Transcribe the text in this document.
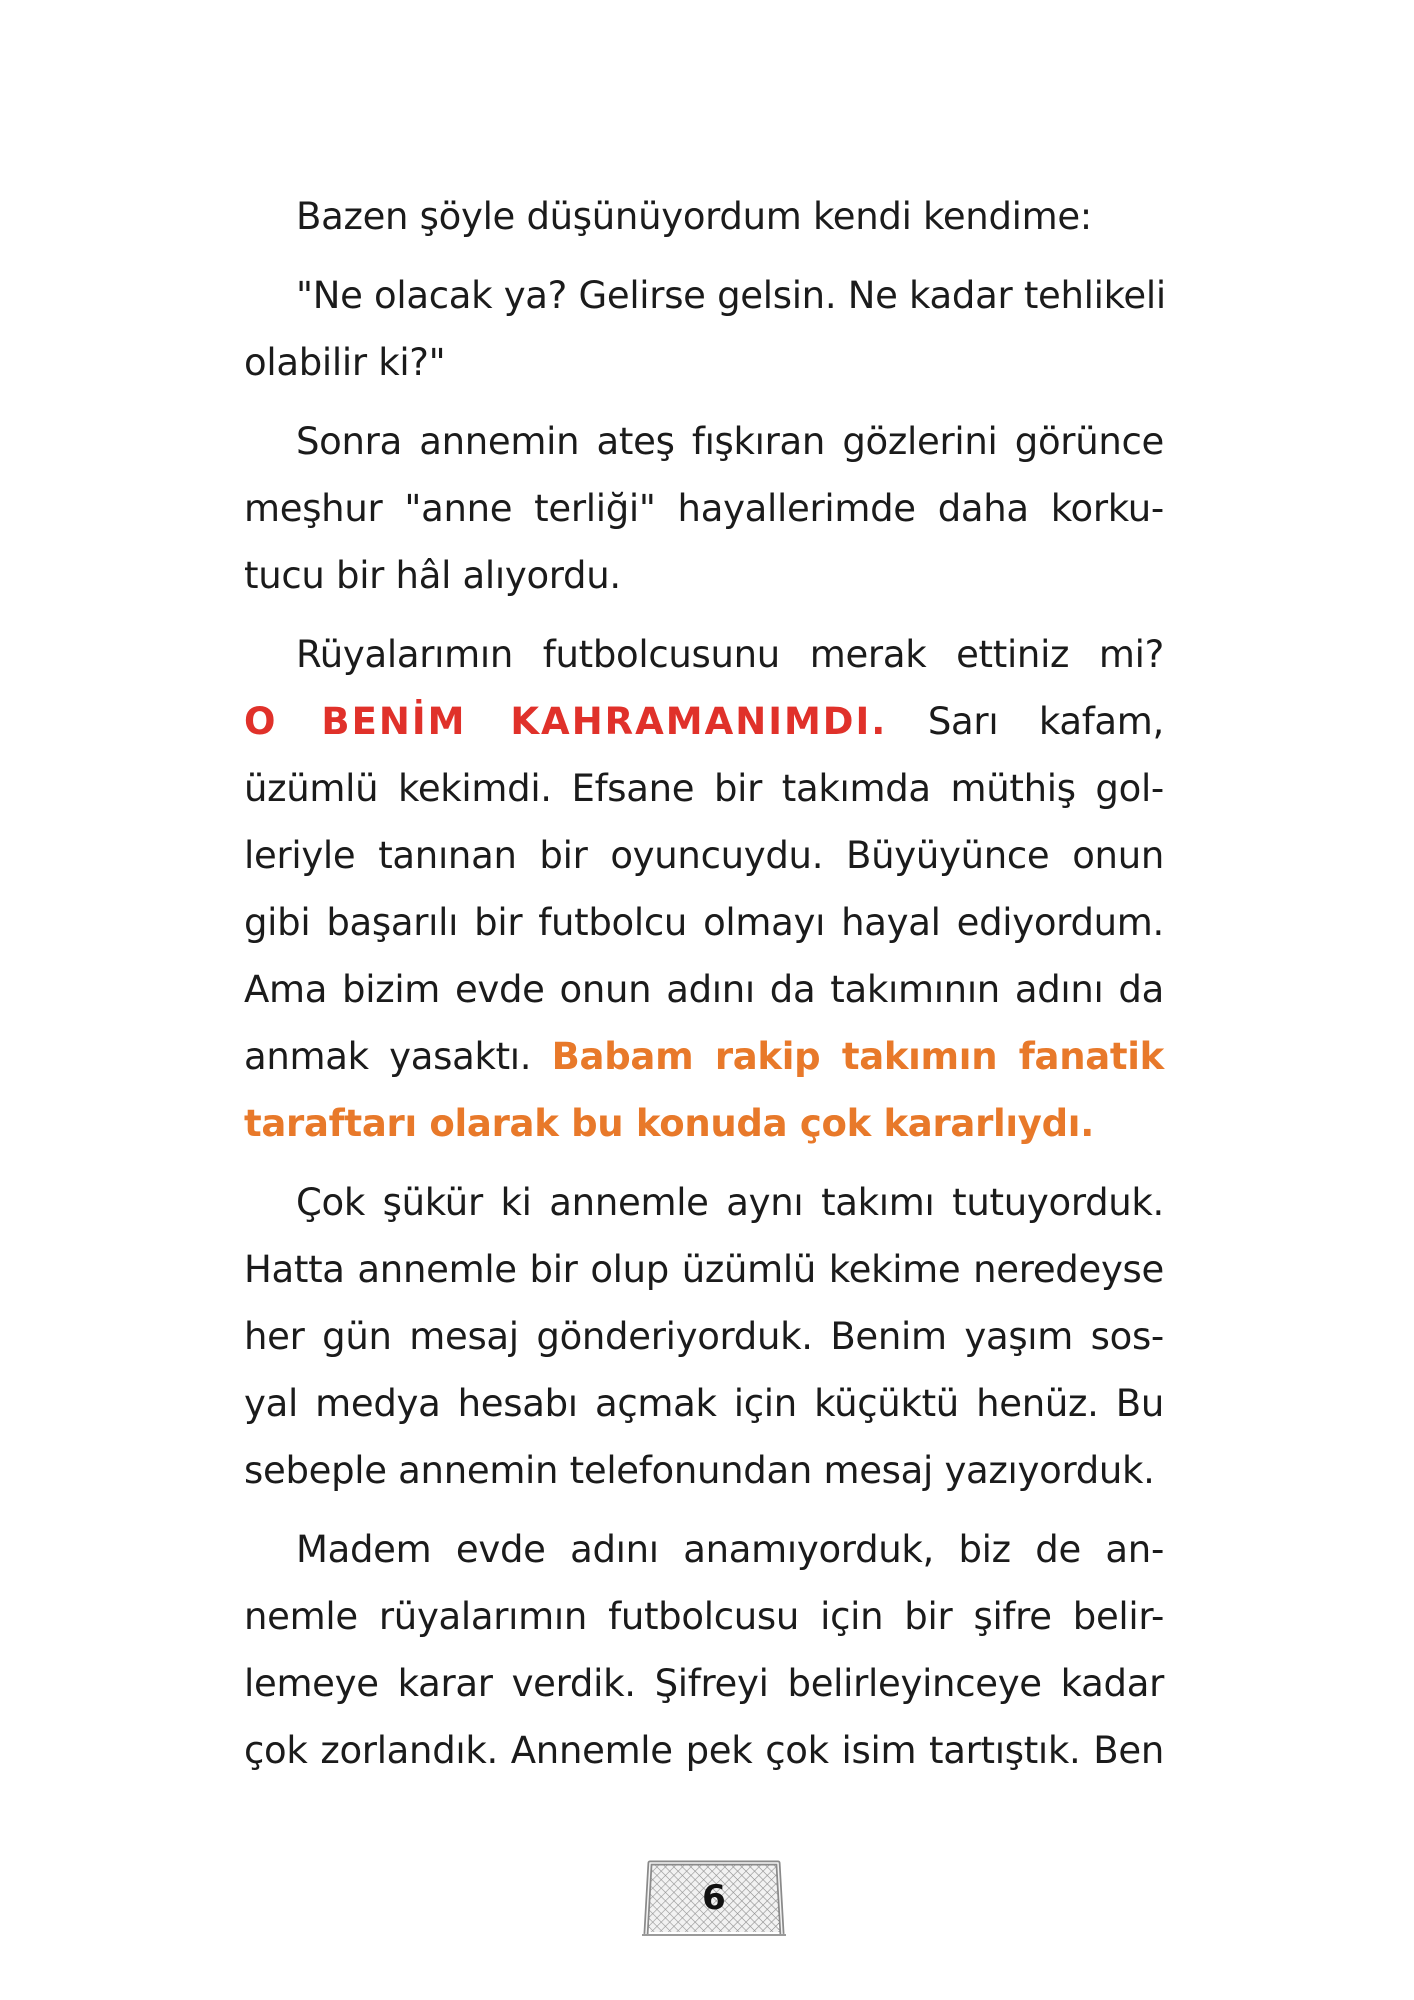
Bazen şöyle düşünüyordum kendi kendime:

"Ne olacak ya? Gelirse gelsin. Ne kadar tehlikeli
olabilir ki?"

Sonra annemin ateş fışkıran gözlerini görünce
meşhur "anne terliği" hayallerimde daha korku-
tucu bir hâl alıyordu.

Rüyalarımın futbolcusunu merak ettiniz mi?
O BENİM KAHRAMANIMDI. Sarı kafam,
üzümlü kekimdi. Efsane bir takımda müthiş gol-
leriyle tanınan bir oyuncuydu. Büyüyünce onun
gibi başarılı bir futbolcu olmayı hayal ediyordum.
Ama bizim evde onun adını da takımının adını da
anmak yasaktı. Babam rakip takımın fanatik
taraftarı olarak bu konuda çok kararlıydı.

Çok şükür ki annemle aynı takımı tutuyorduk.
Hatta annemle bir olup üzümlü kekime neredeyse
her gün mesaj gönderiyorduk. Benim yaşım sos-
yal medya hesabı açmak için küçüktü henüz. Bu
sebeple annemin telefonundan mesaj yazıyorduk.

Madem evde adını anamıyorduk, biz de an-
nemle rüyalarımın futbolcusu için bir şifre belir-
lemeye karar verdik. Şifreyi belirleyinceye kadar
çok zorlandık. Annemle pek çok isim tartıştık. Ben

6
